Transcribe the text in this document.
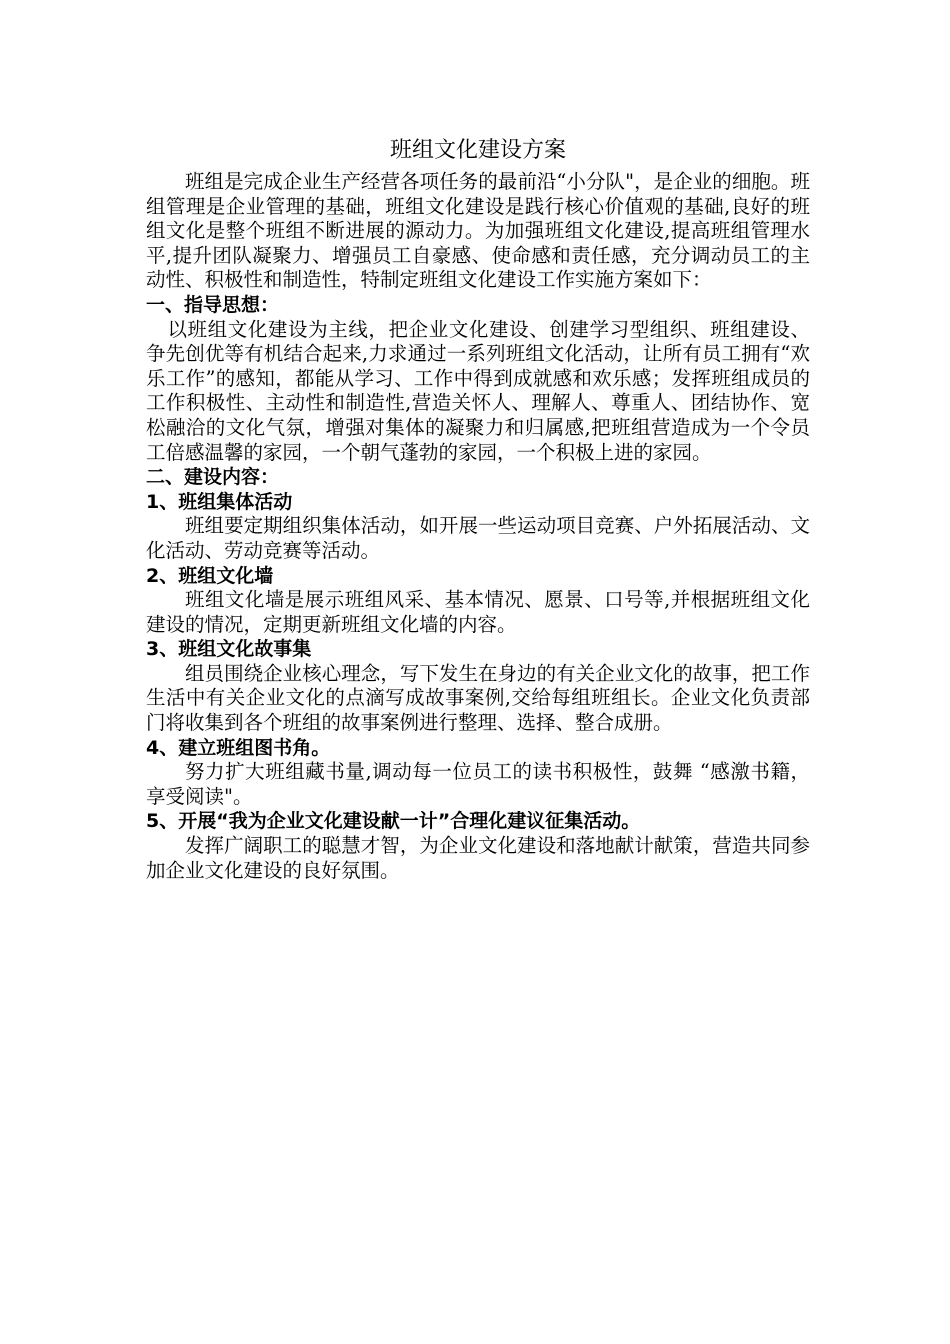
班组文化建设方案

班组是完成企业生产经营各项任务的最前沿“小分队"，是企业的细胞。班组管理是企业管理的基础，班组文化建设是践行核心价值观的基础,良好的班组文化是整个班组不断进展的源动力。为加强班组文化建设,提高班组管理水平,提升团队凝聚力、增强员工自豪感、使命感和责任感，充分调动员工的主动性、积极性和制造性，特制定班组文化建设工作实施方案如下：

一、指导思想：

以班组文化建设为主线，把企业文化建设、创建学习型组织、班组建设、争先创优等有机结合起来,力求通过一系列班组文化活动，让所有员工拥有“欢乐工作”的感知，都能从学习、工作中得到成就感和欢乐感；发挥班组成员的工作积极性、主动性和制造性,营造关怀人、理解人、尊重人、团结协作、宽松融洽的文化气氛，增强对集体的凝聚力和归属感,把班组营造成为一个令员工倍感温馨的家园，一个朝气蓬勃的家园，一个积极上进的家园。

二、建设内容：

1、班组集体活动

班组要定期组织集体活动，如开展一些运动项目竞赛、户外拓展活动、文化活动、劳动竞赛等活动。

2、班组文化墙

班组文化墙是展示班组风采、基本情况、愿景、口号等,并根据班组文化建设的情况，定期更新班组文化墙的内容。

3、班组文化故事集

组员围绕企业核心理念，写下发生在身边的有关企业文化的故事，把工作生活中有关企业文化的点滴写成故事案例,交给每组班组长。企业文化负责部门将收集到各个班组的故事案例进行整理、选择、整合成册。

4、建立班组图书角。

努力扩大班组藏书量,调动每一位员工的读书积极性，鼓舞 “感激书籍，享受阅读"。

5、开展“我为企业文化建设献一计”合理化建议征集活动。

发挥广阔职工的聪慧才智，为企业文化建设和落地献计献策，营造共同参加企业文化建设的良好氛围。
